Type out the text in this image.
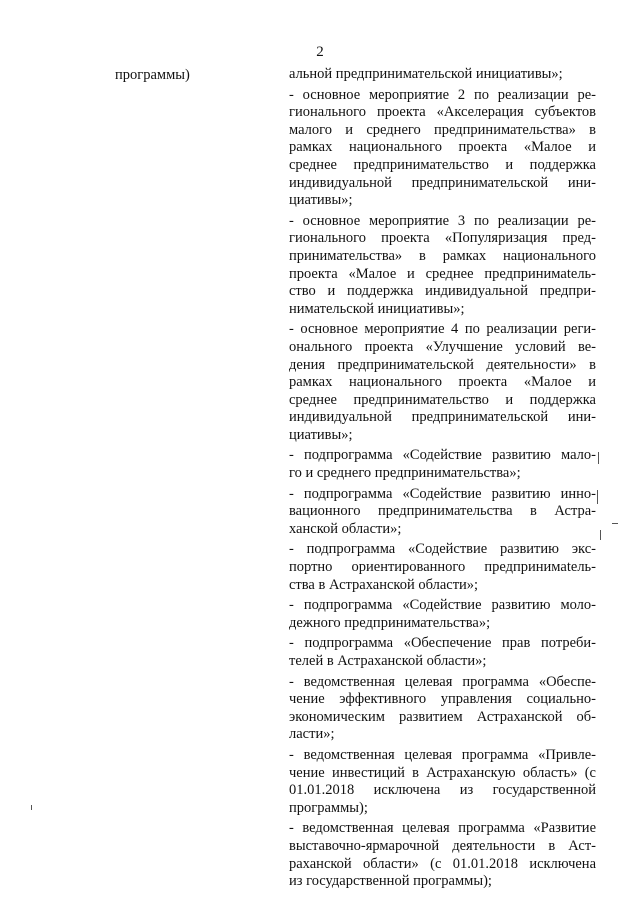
2
программы)	альной предпринимательской инициативы»;
- основное мероприятие 2 по реализации ре-
гионального проекта «Акселерация субъектов
малого и среднего предпринимательства» в
рамках национального проекта «Малое и
среднее предпринимательство и поддержка
индивидуальной предпринимательской ини-
циативы»;
- основное мероприятие 3 по реализации ре-
гионального проекта «Популяризация пред-
принимательства» в рамках национального
проекта «Малое и среднее предпринимatель-
ство и поддержка индивидуальной предпри-
нимательской инициативы»;
- основное мероприятие 4 по реализации реги-
онального проекта «Улучшение условий ве-
дения предпринимательской деятельности» в
рамках национального проекта «Малое и
среднее предпринимательство и поддержка
индивидуальной предпринимательской ини-
циативы»;
- подпрограмма «Содействие развитию мало-
го и среднего предпринимательства»;
- подпрограмма «Содействие развитию инно-
вационного предпринимательства в Астра-
ханской области»;
- подпрограмма «Содействие развитию экс-
портно ориентированного предпринимatель-
ства в Астраханской области»;
- подпрограмма «Содействие развитию моло-
дежного предпринимательства»;
- подпрограмма «Обеспечение прав потреби-
телей в Астраханской области»;
- ведомственная целевая программа «Обеспе-
чение эффективного управления социально-
экономическим развитием Астраханской об-
ласти»;
- ведомственная целевая программа «Привле-
чение инвестиций в Астраханскую область» (с
01.01.2018 исключена из государственной
программы);
- ведомственная целевая программа «Развитие
выставочно-ярмарочной деятельности в Аст-
раханской области» (с 01.01.2018 исключена
из государственной программы);
